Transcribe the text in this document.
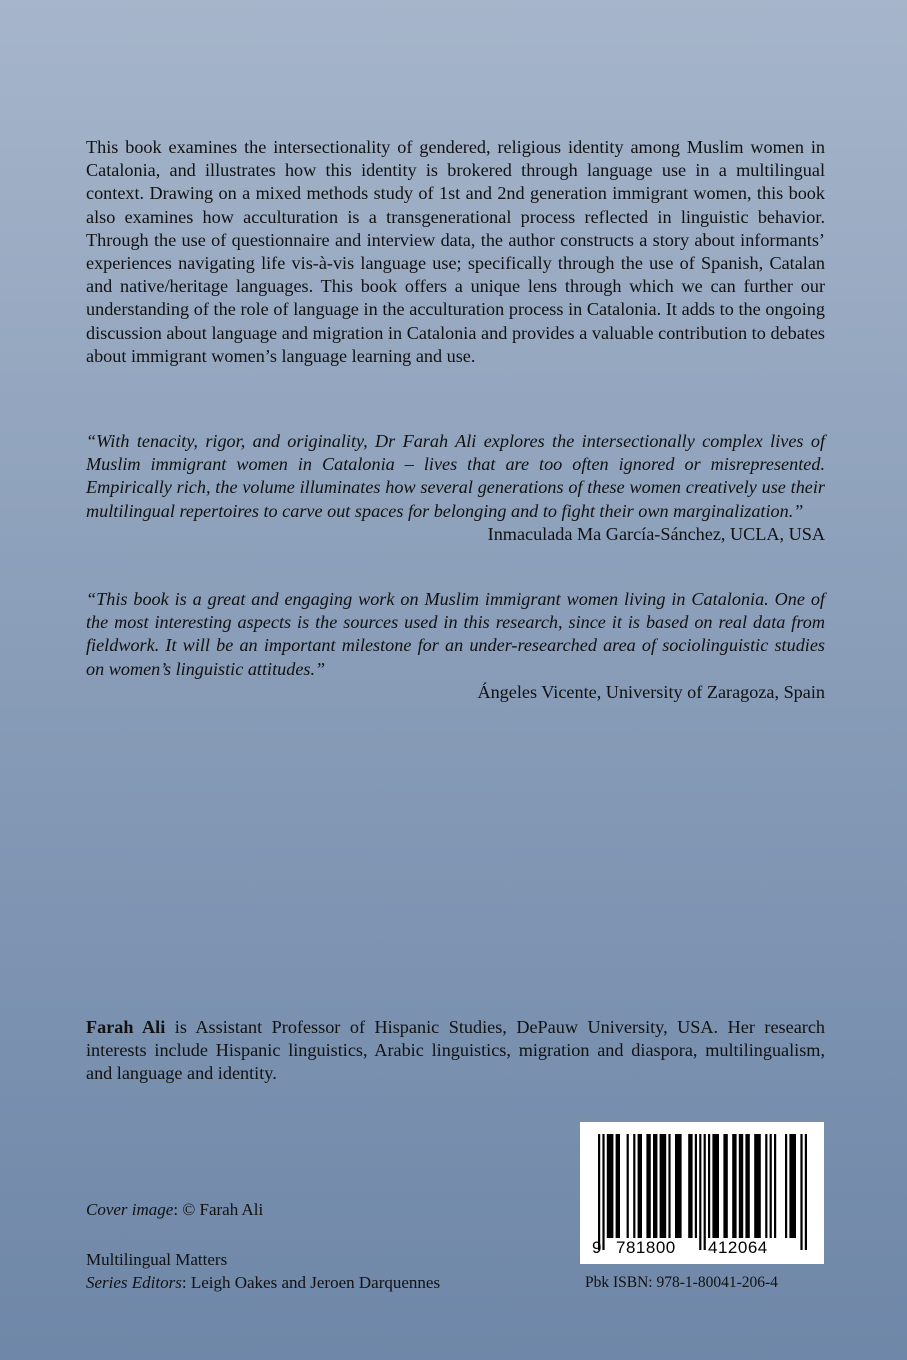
This book examines the intersectionality of gendered, religious identity among Muslim women in Catalonia, and illustrates how this identity is brokered through language use in a multilingual context. Drawing on a mixed methods study of 1st and 2nd generation immigrant women, this book also examines how acculturation is a transgenerational process reflected in linguistic behavior. Through the use of questionnaire and interview data, the author constructs a story about informants’ experiences navigating life vis-à-vis language use; specifically through the use of Spanish, Catalan and native/heritage languages. This book offers a unique lens through which we can further our understanding of the role of language in the acculturation process in Catalonia. It adds to the ongoing discussion about language and migration in Catalonia and provides a valuable contribution to debates about immigrant women’s language learning and use.

“With tenacity, rigor, and originality, Dr Farah Ali explores the intersectionally complex lives of Muslim immigrant women in Catalonia – lives that are too often ignored or misrepresented. Empirically rich, the volume illuminates how several generations of these women creatively use their multilingual repertoires to carve out spaces for belonging and to fight their own marginalization.”

Inmaculada Ma García-Sánchez, UCLA, USA

“This book is a great and engaging work on Muslim immigrant women living in Catalonia. One of the most interesting aspects is the sources used in this research, since it is based on real data from fieldwork. It will be an important milestone for an under-researched area of sociolinguistic studies on women’s linguistic attitudes.”

Ángeles Vicente, University of Zaragoza, Spain

Farah Ali is Assistant Professor of Hispanic Studies, DePauw University, USA. Her research interests include Hispanic linguistics, Arabic linguistics, migration and diaspora, multilingualism, and language and identity.

Cover image: © Farah Ali

Multilingual Matters
Series Editors: Leigh Oakes and Jeroen Darquennes

9 781800 412064

Pbk ISBN: 978-1-80041-206-4
